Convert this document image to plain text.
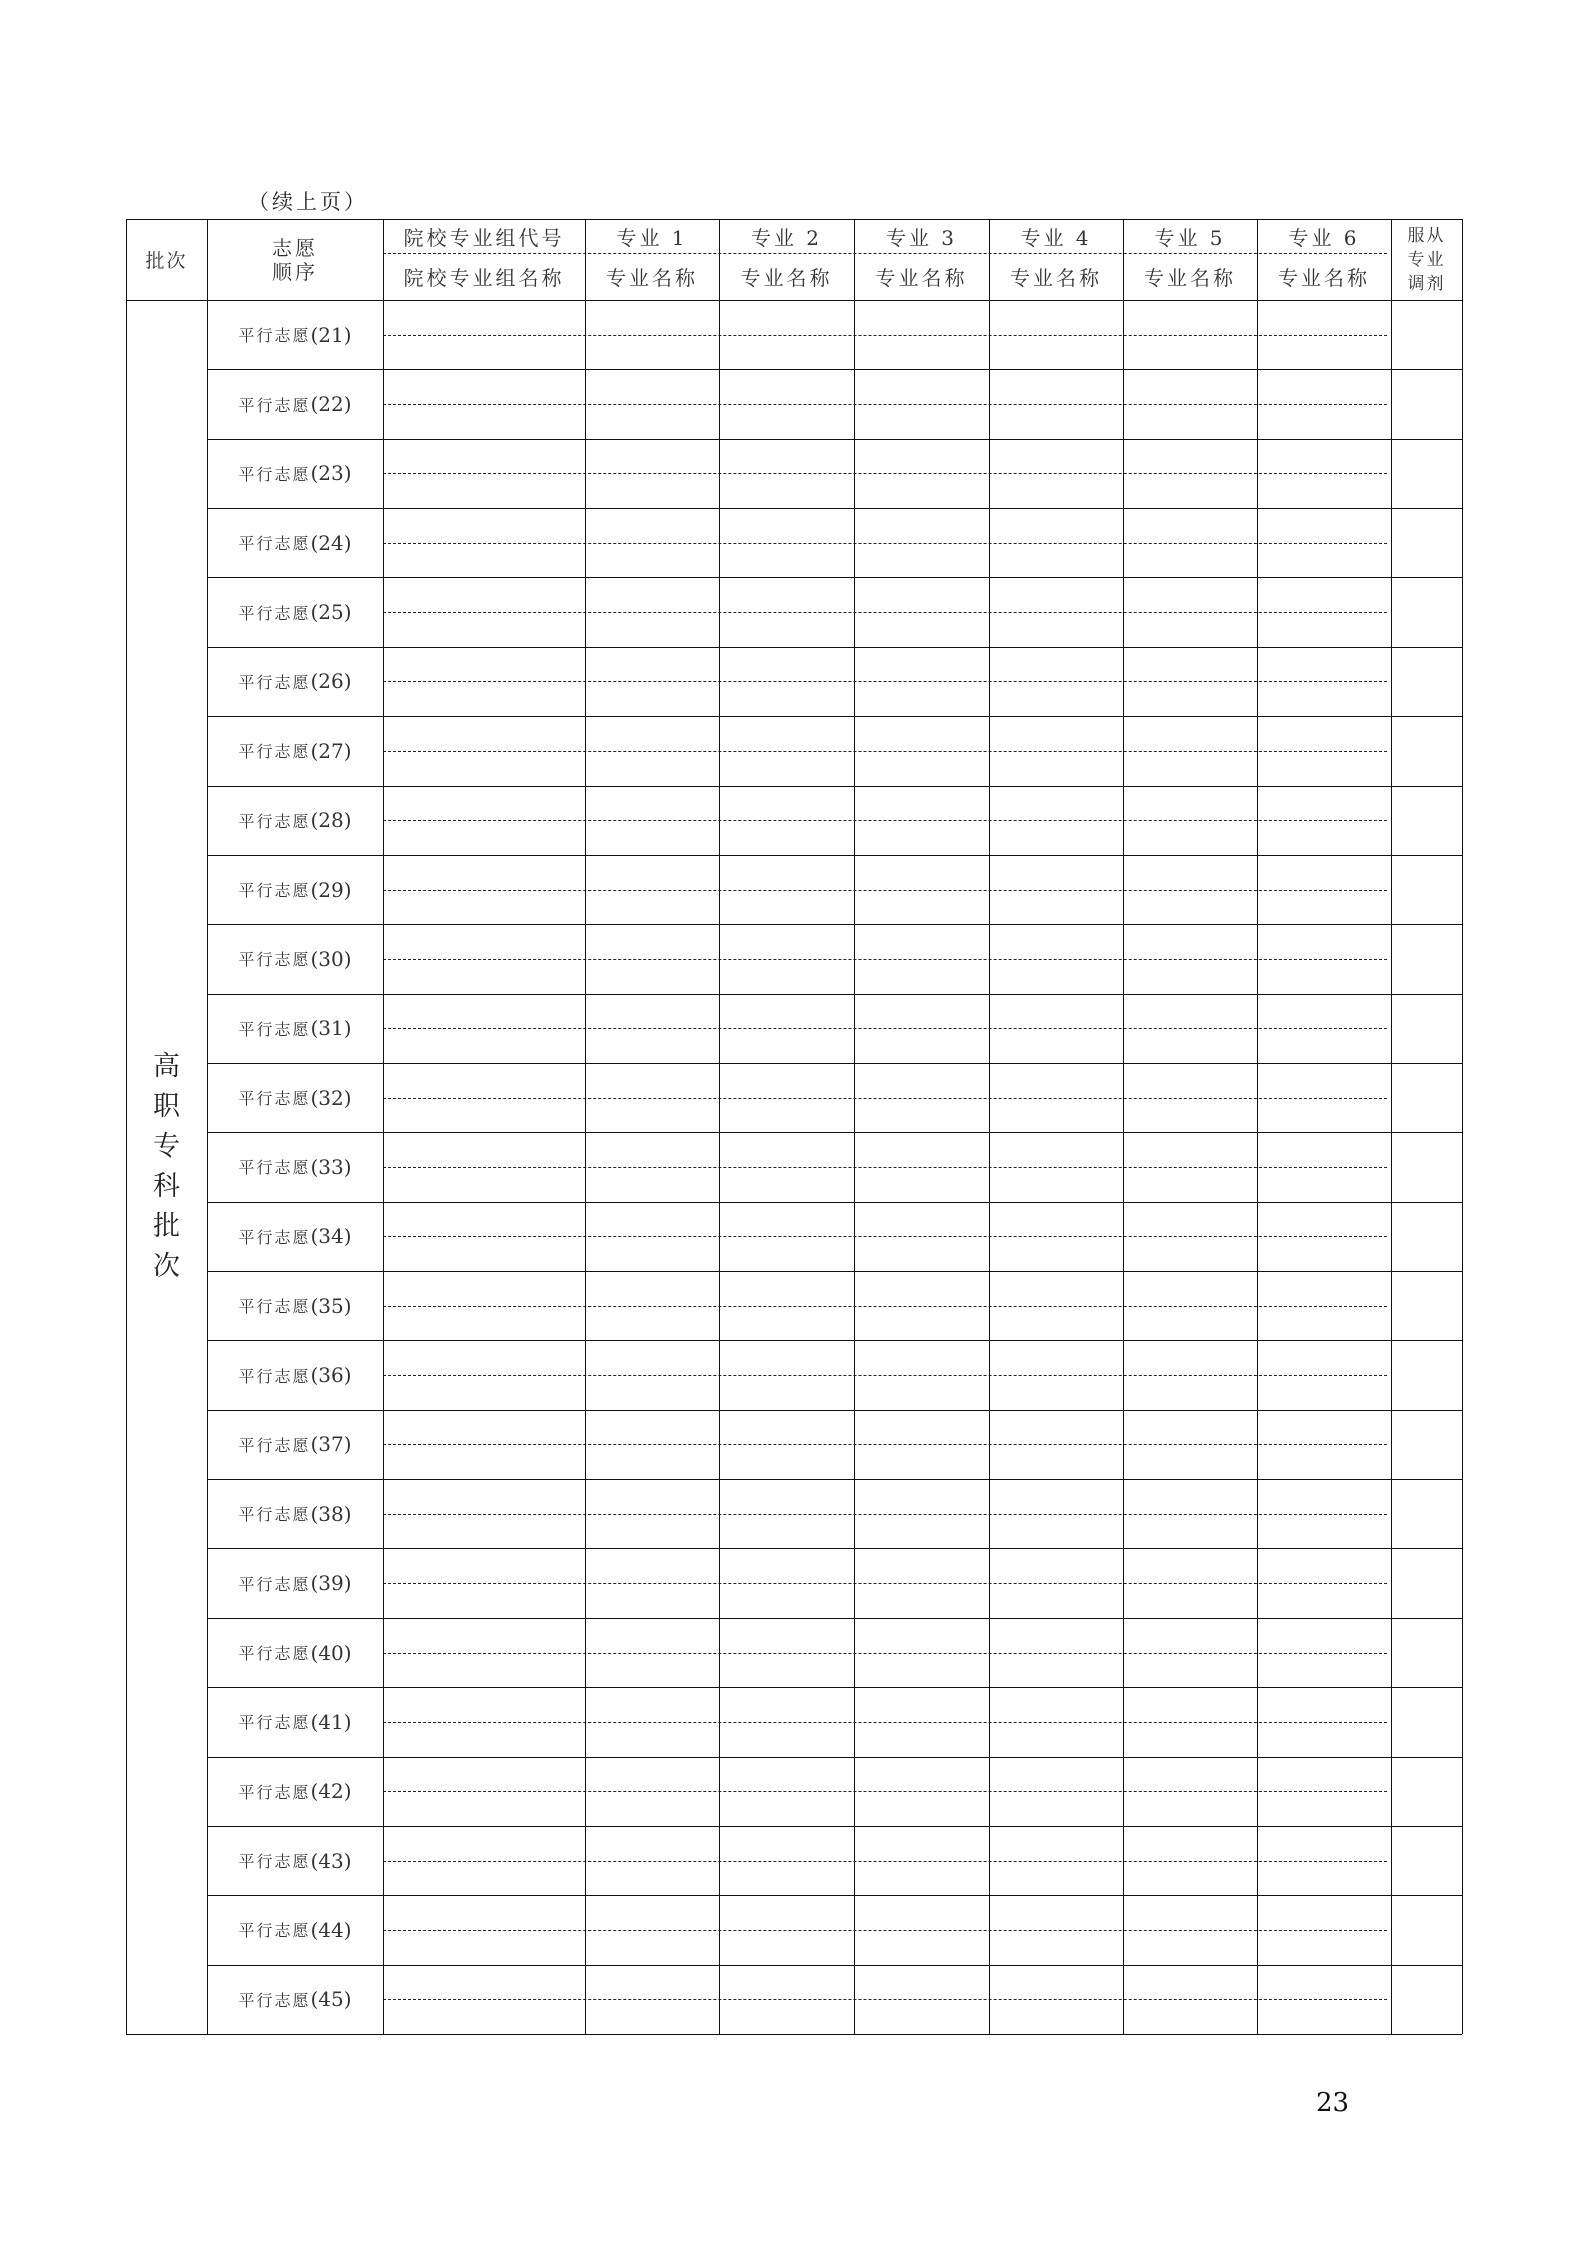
（续上页）
批次
志愿
顺序
院校专业组代号
院校专业组名称
专业 1
专业名称
专业 2
专业名称
专业 3
专业名称
专业 4
专业名称
专业 5
专业名称
专业 6
专业名称
服从
专业
调剂
高
职
专
科
批
次
平行志愿 (21)
平行志愿 (22)
平行志愿 (23)
平行志愿 (24)
平行志愿 (25)
平行志愿 (26)
平行志愿 (27)
平行志愿 (28)
平行志愿 (29)
平行志愿 (30)
平行志愿 (31)
平行志愿 (32)
平行志愿 (33)
平行志愿 (34)
平行志愿 (35)
平行志愿 (36)
平行志愿 (37)
平行志愿 (38)
平行志愿 (39)
平行志愿 (40)
平行志愿 (41)
平行志愿 (42)
平行志愿 (43)
平行志愿 (44)
平行志愿 (45)
23
